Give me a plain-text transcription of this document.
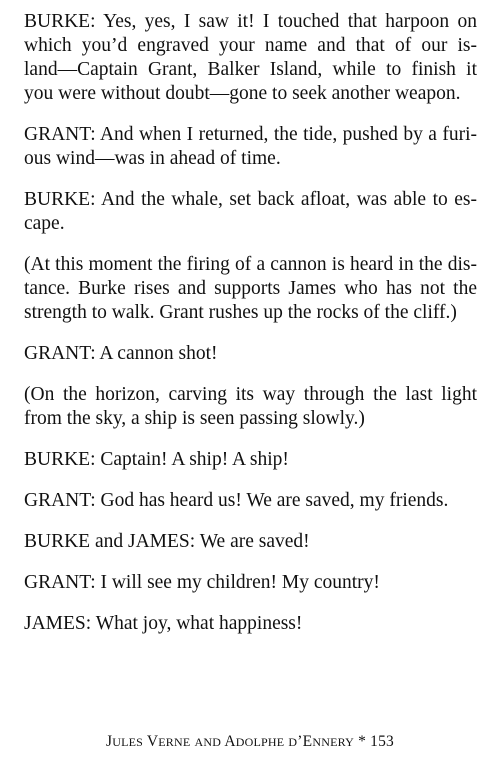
BURKE: Yes, yes, I saw it! I touched that harpoon on
which you’d engraved your name and that of our is-
land—Captain Grant, Balker Island, while to finish it
you were without doubt—gone to seek another weapon.
GRANT: And when I returned, the tide, pushed by a furi-
ous wind—was in ahead of time.
BURKE: And the whale, set back afloat, was able to es-
cape.
(At this moment the firing of a cannon is heard in the dis-
tance. Burke rises and supports James who has not the
strength to walk. Grant rushes up the rocks of the cliff.)
GRANT: A cannon shot!
(On the horizon, carving its way through the last light
from the sky, a ship is seen passing slowly.)
BURKE: Captain! A ship! A ship!
GRANT: God has heard us! We are saved, my friends.
BURKE and JAMES: We are saved!
GRANT: I will see my children! My country!
JAMES: What joy, what happiness!
JULES VERNE AND ADOLPHE D’ENNERY * 153
